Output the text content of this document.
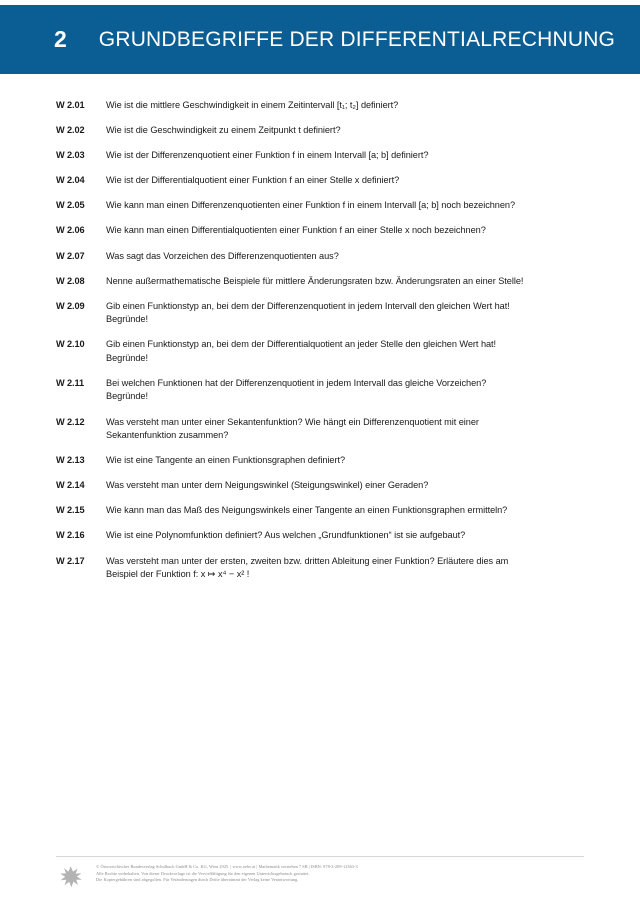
2 GRUNDBEGRIFFE DER DIFFERENTIALRECHNUNG
W 2.01	Wie ist die mittlere Geschwindigkeit in einem Zeitintervall [t₁; t₂] definiert?
W 2.02	Wie ist die Geschwindigkeit zu einem Zeitpunkt t definiert?
W 2.03	Wie ist der Differenzenquotient einer Funktion f in einem Intervall [a; b] definiert?
W 2.04	Wie ist der Differentialquotient einer Funktion f an einer Stelle x definiert?
W 2.05	Wie kann man einen Differenzenquotienten einer Funktion f in einem Intervall [a; b] noch bezeichnen?
W 2.06	Wie kann man einen Differentialquotienten einer Funktion f an einer Stelle x noch bezeichnen?
W 2.07	Was sagt das Vorzeichen des Differenzenquotienten aus?
W 2.08	Nenne außermathematische Beispiele für mittlere Änderungsraten bzw. Änderungsraten an einer Stelle!
W 2.09	Gib einen Funktionstyp an, bei dem der Differenzenquotient in jedem Intervall den gleichen Wert hat!
Begründe!
W 2.10	Gib einen Funktionstyp an, bei dem der Differentialquotient an jeder Stelle den gleichen Wert hat!
Begründe!
W 2.11	Bei welchen Funktionen hat der Differenzenquotient in jedem Intervall das gleiche Vorzeichen?
Begründe!
W 2.12	Was versteht man unter einer Sekantenfunktion? Wie hängt ein Differenzenquotient mit einer
Sekantenfunktion zusammen?
W 2.13	Wie ist eine Tangente an einen Funktionsgraphen definiert?
W 2.14	Was versteht man unter dem Neigungswinkel (Steigungswinkel) einer Geraden?
W 2.15	Wie kann man das Maß des Neigungswinkels einer Tangente an einen Funktionsgraphen ermitteln?
W 2.16	Wie ist eine Polynomfunktion definiert? Aus welchen „Grundfunktionen“ ist sie aufgebaut?
W 2.17	Was versteht man unter der ersten, zweiten bzw. dritten Ableitung einer Funktion? Erläutere dies am
Beispiel der Funktion f: x ↦ x⁴ − x² !
© Österreichischer Bundesverlag Schulbuch GmbH & Co. KG, Wien 2025. | www.oebv.at | Mathematik verstehen 7 SB | ISBN: 978-3-209-12363-3
Alle Rechte vorbehalten. Von dieser Druckvorlage ist die Vervielfältigung für den eigenen Unterrichtsgebrauch gestattet.
Die Kopiergebühren sind abgegolten. Für Veränderungen durch Dritte übernimmt der Verlag keine Verantwortung.
